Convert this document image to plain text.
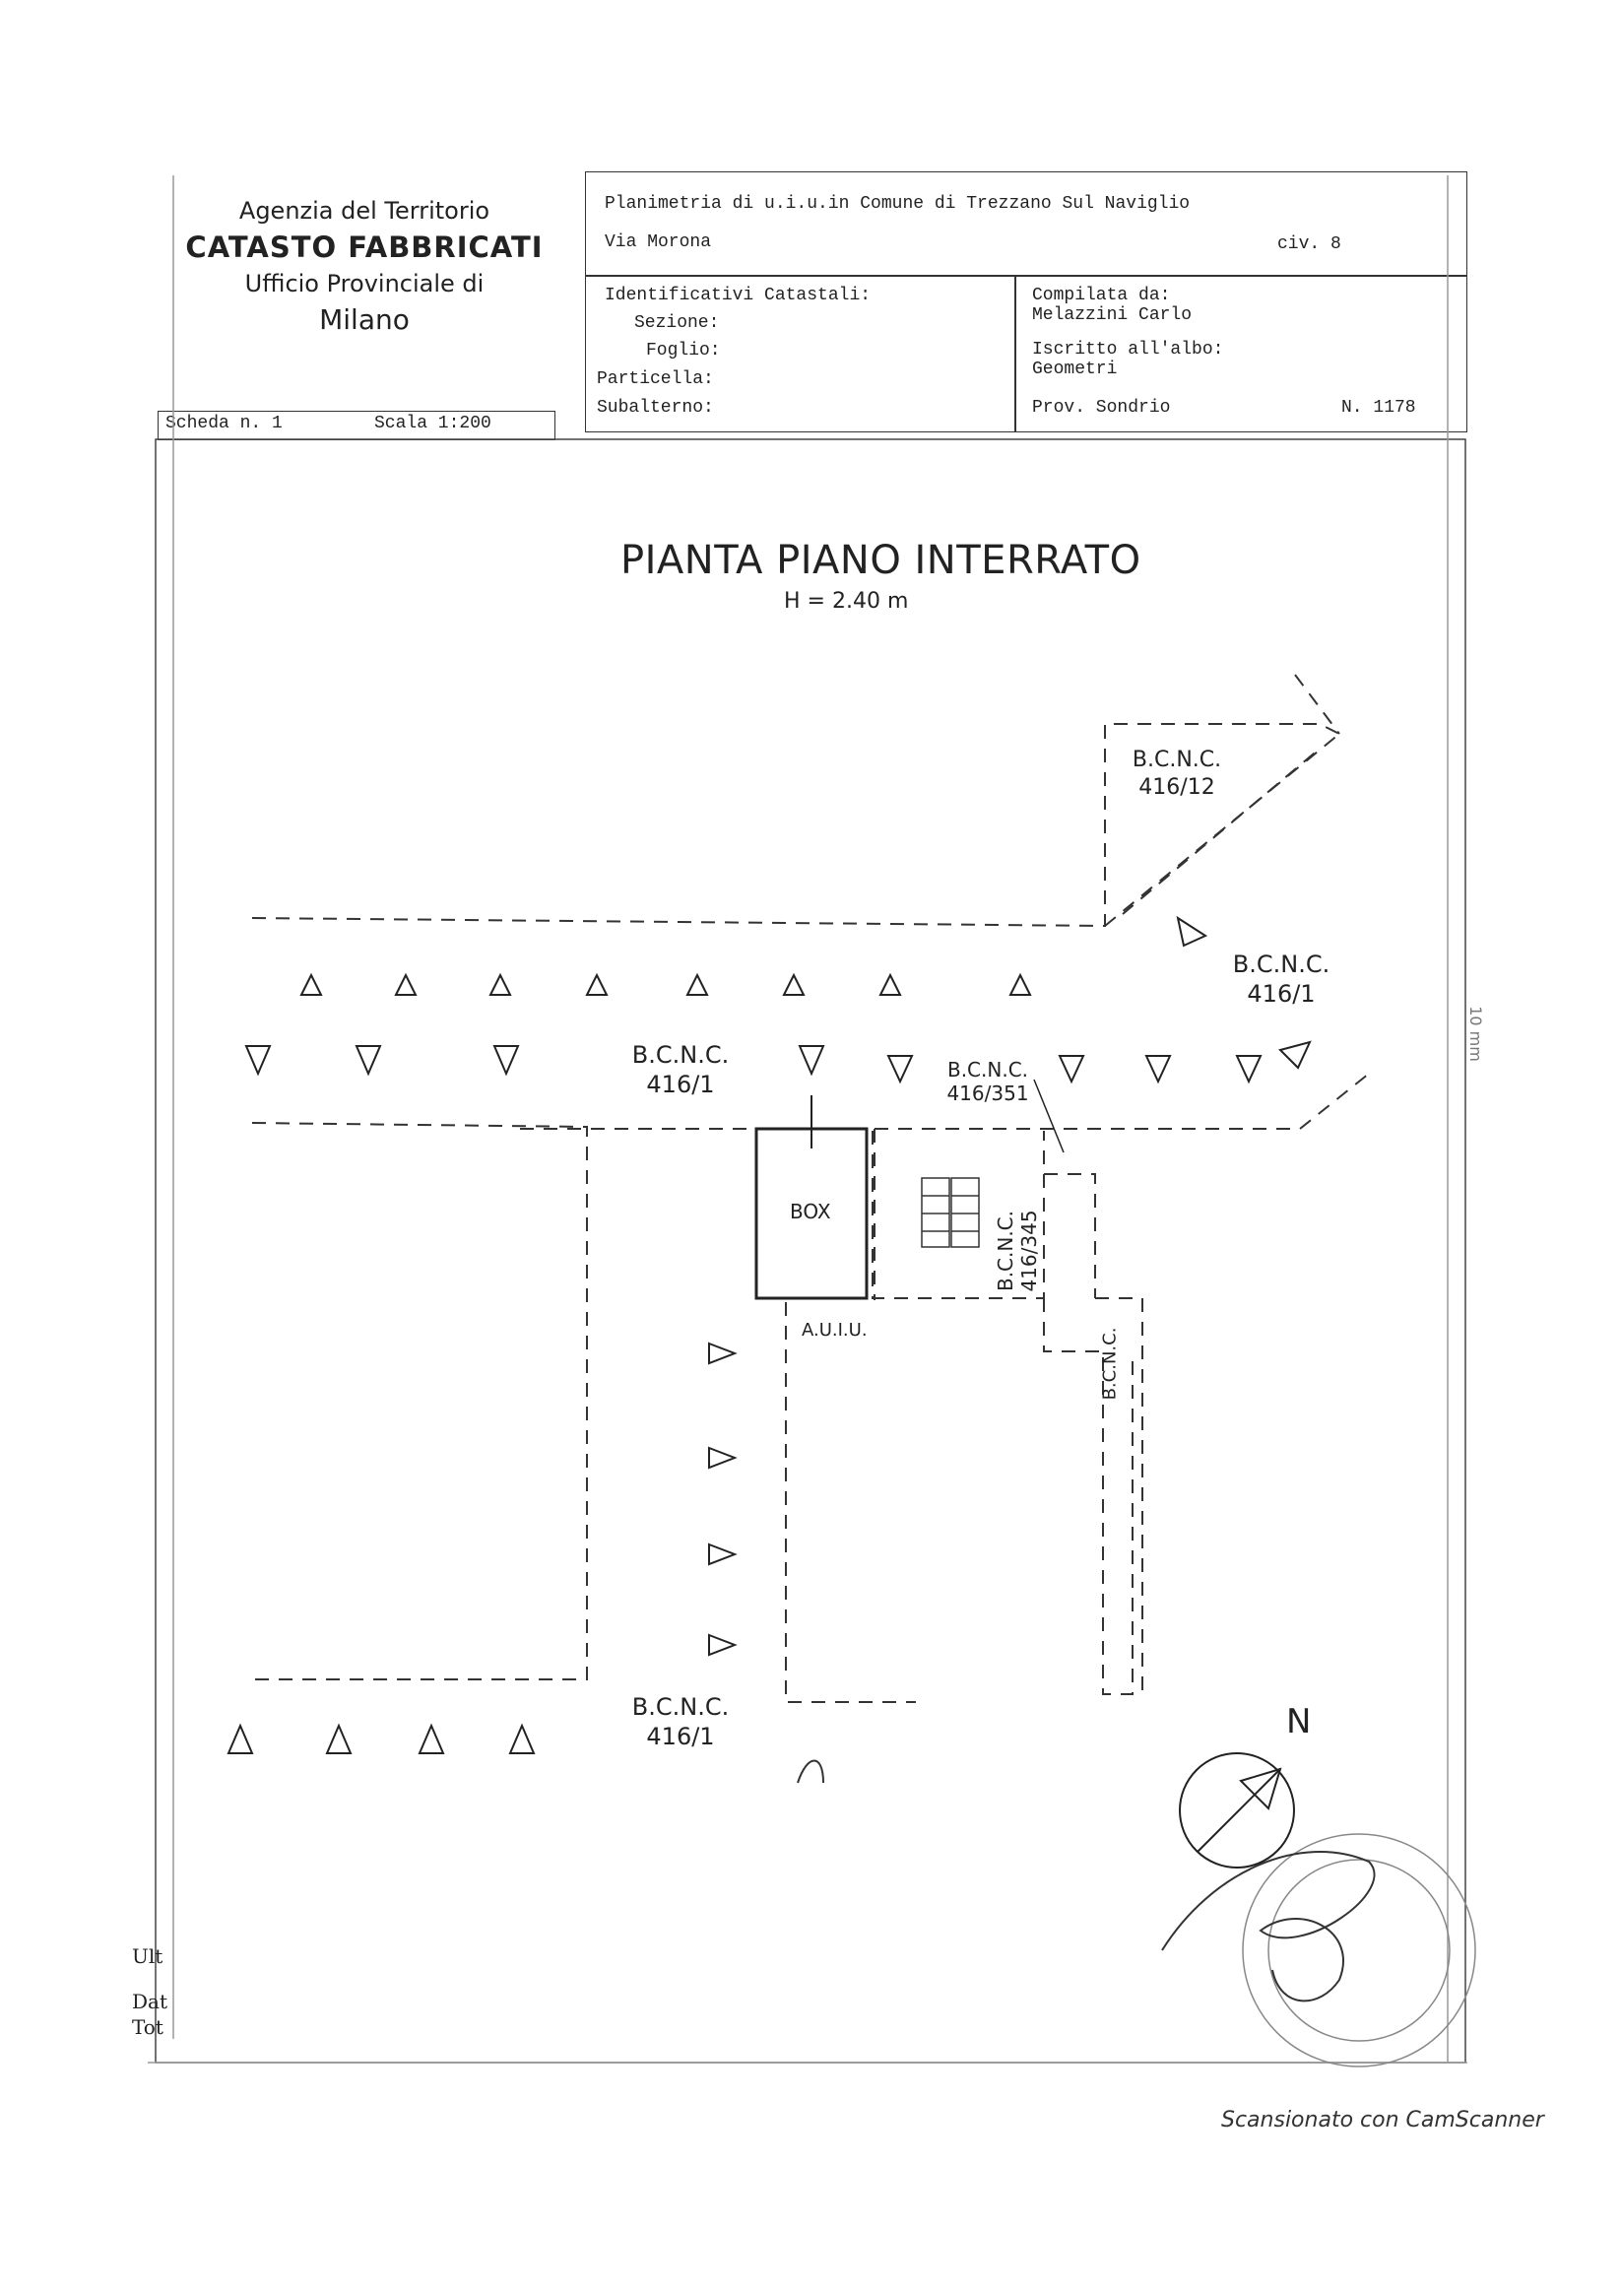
Agenzia del Territorio
CATASTO FABBRICATI
Ufficio Provinciale di
Milano
Planimetria di u.i.u.in Comune di Trezzano Sul Naviglio
Via Morona	civ. 8
Identificativi Catastali:
Sezione:
Foglio:
Particella:
Subalterno:
Compilata da:
Melazzini Carlo
Iscritto all'albo:
Geometri
Prov. Sondrio	N. 1178
Scheda n. 1	Scala 1:200
PIANTA PIANO INTERRATO
H = 2.40 m
B.C.N.C.
416/12
B.C.N.C.
416/1
B.C.N.C.
416/1
B.C.N.C.
416/351
BOX	B.C.N.C. 416/345
A.U.I.U.	B.C.N.C.
B.C.N.C.
416/1	N
10 mm
Ult
Dat
Tot
Scansionato con CamScanner
